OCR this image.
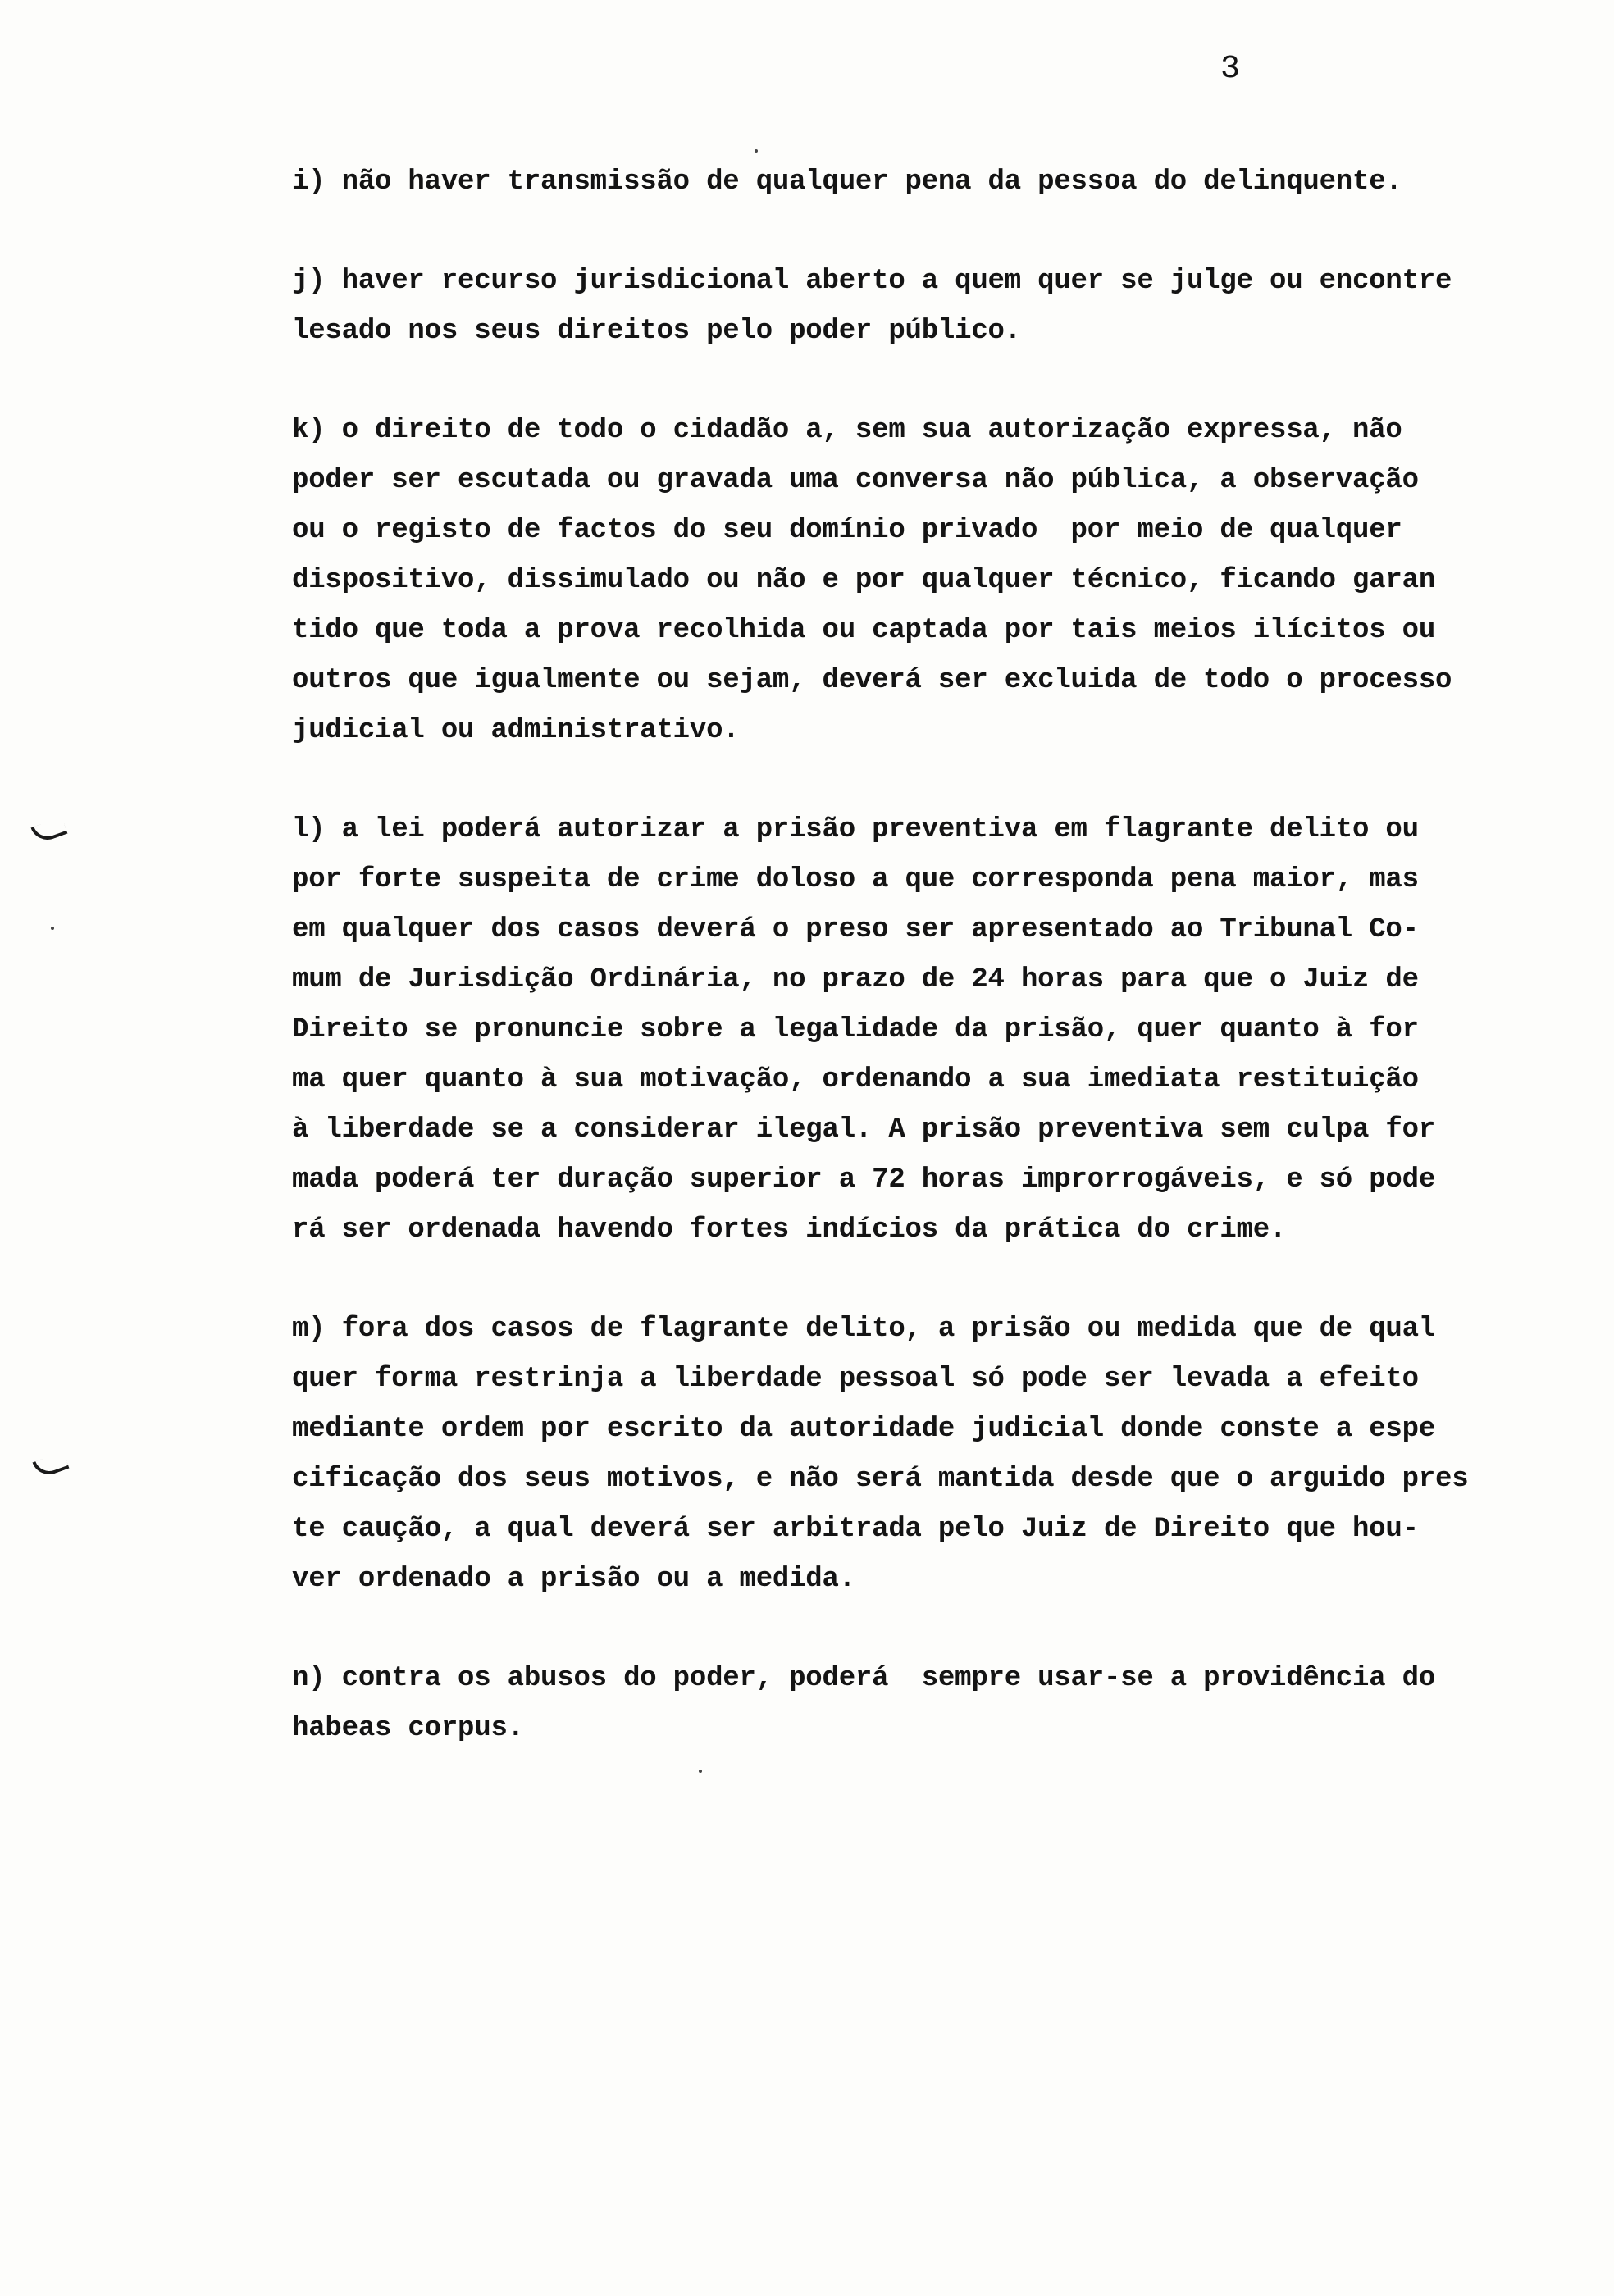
3
i) não haver transmissão de qualquer pena da pessoa do delinquente.
j) haver recurso jurisdicional aberto a quem quer se julge ou encontre
lesado nos seus direitos pelo poder público.
k) o direito de todo o cidadão a, sem sua autorização expressa, não
poder ser escutada ou gravada uma conversa não pública, a observação
ou o registo de factos do seu domínio privado  por meio de qualquer
dispositivo, dissimulado ou não e por qualquer técnico, ficando garan
tido que toda a prova recolhida ou captada por tais meios ilícitos ou
outros que igualmente ou sejam, deverá ser excluida de todo o processo
judicial ou administrativo.
l) a lei poderá autorizar a prisão preventiva em flagrante delito ou
por forte suspeita de crime doloso a que corresponda pena maior, mas
em qualquer dos casos deverá o preso ser apresentado ao Tribunal Co-
mum de Jurisdição Ordinária, no prazo de 24 horas para que o Juiz de
Direito se pronuncie sobre a legalidade da prisão, quer quanto à for
ma quer quanto à sua motivação, ordenando a sua imediata restituição
à liberdade se a considerar ilegal. A prisão preventiva sem culpa for
mada poderá ter duração superior a 72 horas improrrogáveis, e só pode
rá ser ordenada havendo fortes indícios da prática do crime.
m) fora dos casos de flagrante delito, a prisão ou medida que de qual
quer forma restrinja a liberdade pessoal só pode ser levada a efeito
mediante ordem por escrito da autoridade judicial donde conste a espe
cificação dos seus motivos, e não será mantida desde que o arguido pres
te caução, a qual deverá ser arbitrada pelo Juiz de Direito que hou-
ver ordenado a prisão ou a medida.
n) contra os abusos do poder, poderá  sempre usar-se a providência do
habeas corpus.
